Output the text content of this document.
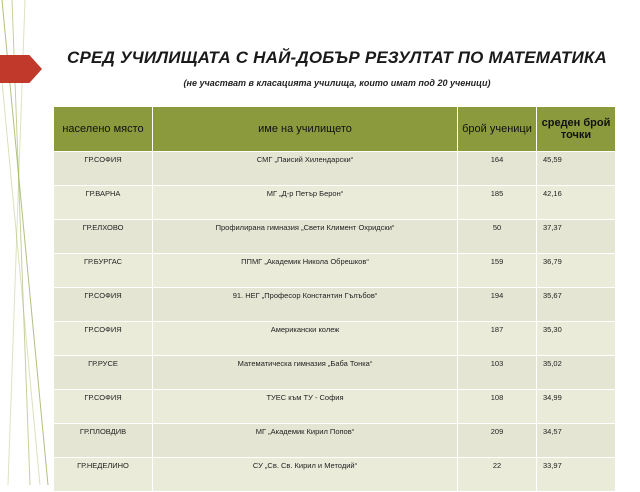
СРЕД УЧИЛИЩАТА С НАЙ-ДОБЪР РЕЗУЛТАТ ПО МАТЕМАТИКА
(не участват в класацията училища, които имат под 20 ученици)
населено място	име на училището	брой ученици	среден брой точки
ГР.СОФИЯ	СМГ „Паисий Хилендарски“	164	45,59
ГР.ВАРНА	МГ „Д-р Петър Берон“	185	42,16
ГР.ЕЛХОВО	Профилирана гимназия „Свети Климент Охридски“	50	37,37
ГР.БУРГАС	ППМГ „Академик Никола Обрешков“	159	36,79
ГР.СОФИЯ	91. НЕГ „Професор Константин Гълъбов“	194	35,67
ГР.СОФИЯ	Американски колеж	187	35,30
ГР.РУСЕ	Математическа гимназия „Баба Тонка“	103	35,02
ГР.СОФИЯ	ТУЕС към ТУ - София	108	34,99
ГР.ПЛОВДИВ	МГ „Академик Кирил Попов“	209	34,57
ГР.НЕДЕЛИНО	СУ „Св. Св. Кирил и Методий“	22	33,97
